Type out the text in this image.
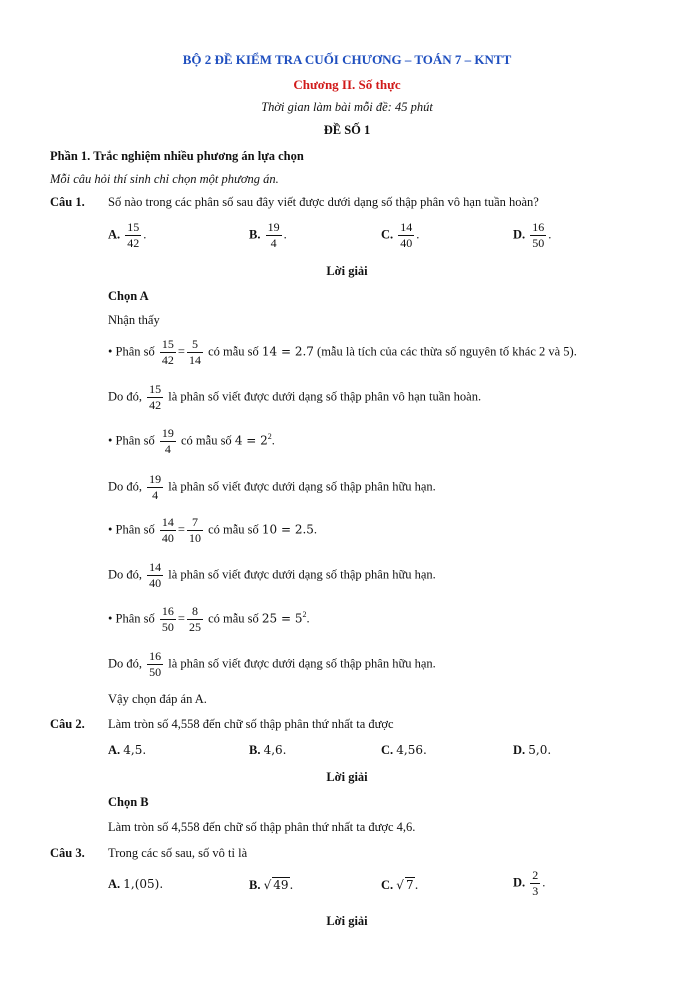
BỘ 2 ĐỀ KIỂM TRA CUỐI CHƯƠNG – TOÁN 7 – KNTT
Chương II. Số thực
Thời gian làm bài mỗi đề: 45 phút
ĐỀ SỐ 1
Phần 1. Trắc nghiệm nhiều phương án lựa chọn
Mỗi câu hỏi thí sinh chỉ chọn một phương án.
Câu 1. Số nào trong các phân số sau đây viết được dưới dạng số thập phân vô hạn tuần hoàn?
A. $\frac{15}{42}$ .	B. $\frac{19}{4}$ .	C. $\frac{14}{40}$ .	D. $\frac{16}{50}$ .
Lời giải
Chọn A
Nhận thấy
• Phân số $\frac{15}{42} = \frac{5}{14}$ có mẫu số 14 = 2.7 (mẫu là tích của các thừa số nguyên tố khác 2 và 5).
Do đó, $\frac{15}{42}$ là phân số viết được dưới dạng số thập phân vô hạn tuần hoàn.
• Phân số $\frac{19}{4}$ có mẫu số $4 = 2^2$.
Do đó, $\frac{19}{4}$ là phân số viết được dưới dạng số thập phân hữu hạn.
• Phân số $\frac{14}{40} = \frac{7}{10}$ có mẫu số 10 = 2.5.
Do đó, $\frac{14}{40}$ là phân số viết được dưới dạng số thập phân hữu hạn.
• Phân số $\frac{16}{50} = \frac{8}{25}$ có mẫu số $25 = 5^2$.
Do đó, $\frac{16}{50}$ là phân số viết được dưới dạng số thập phân hữu hạn.
Vậy chọn đáp án A.
Câu 2. Làm tròn số 4,558 đến chữ số thập phân thứ nhất ta được
A. 4,5.	B. 4,6.	C. 4,56.	D. 5,0.
Lời giải
Chọn B
Làm tròn số 4,558 đến chữ số thập phân thứ nhất ta được 4,6.
Câu 3. Trong các số sau, số vô tỉ là
A. 1,(05).	B. √ 49.	C. √ 7.	D. $\frac{2}{3}$ .
Lời giải
